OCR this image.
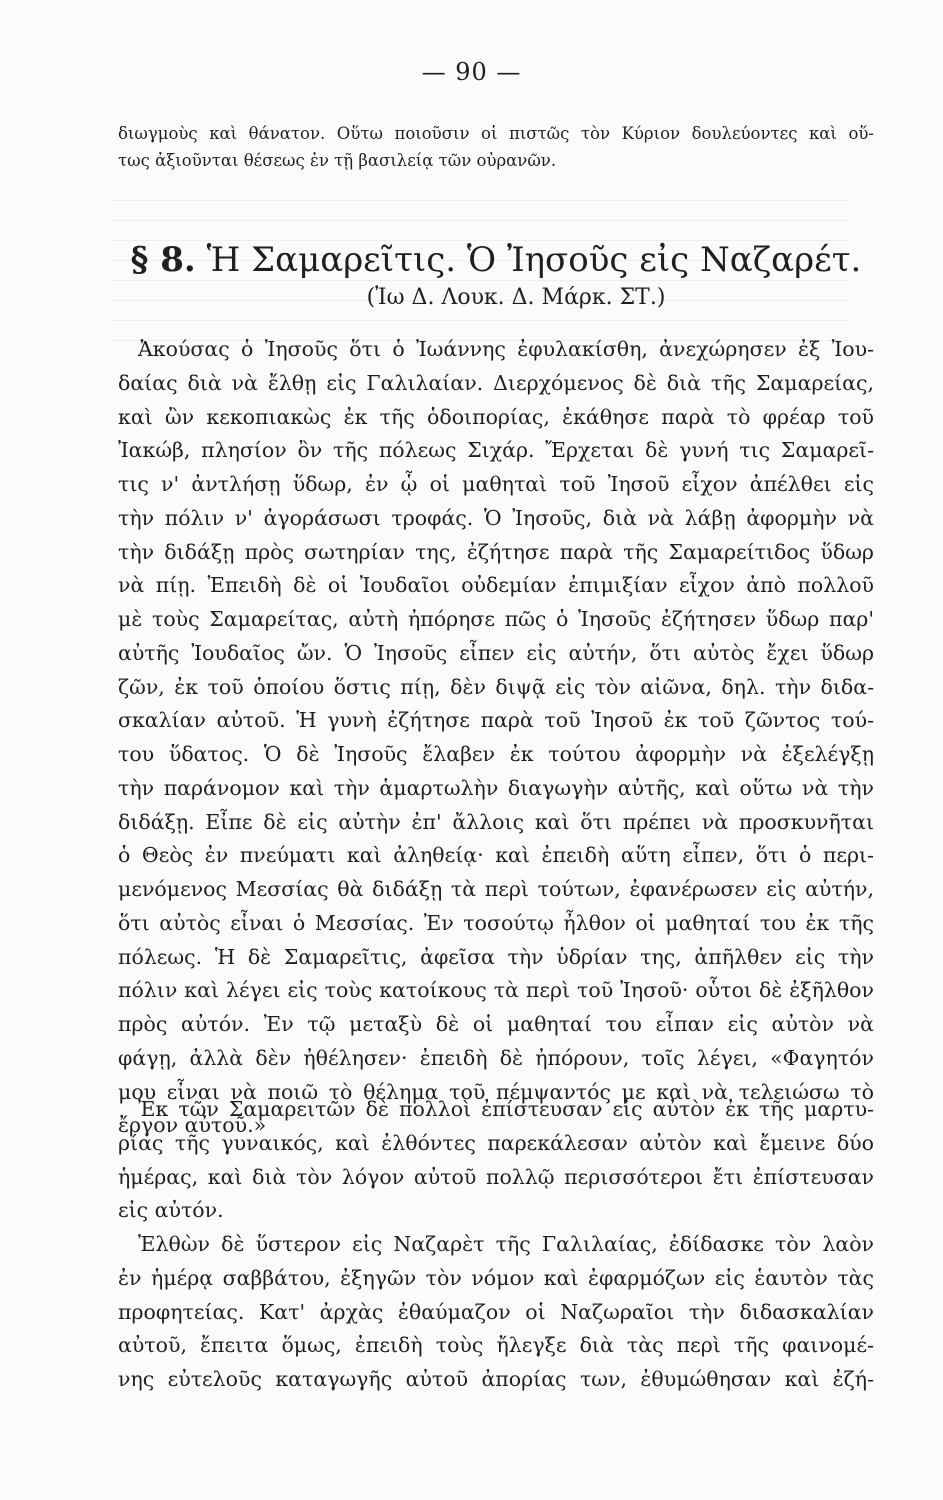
— 90 —
διωγμοὺς καὶ θάνατον. Οὕτω ποιοῦσιν οἱ πιστῶς τὸν Κύριον δουλεύοντες καὶ οὕ-
τως ἀξιοῦνται θέσεως ἐν τῇ βασιλείᾳ τῶν οὐρανῶν.
§ 8. Ἡ Σαμαρεῖτις. Ὁ Ἰησοῦς εἰς Ναζαρέτ.
(Ἰω Δ. Λουκ. Δ. Μάρκ. ΣΤ.)
Ἀκούσας ὁ Ἰησοῦς ὅτι ὁ Ἰωάννης ἐφυλακίσθη, ἀνεχώρησεν ἐξ Ἰου-
δαίας διὰ νὰ ἔλθῃ εἰς Γαλιλαίαν. Διερχόμενος δὲ διὰ τῆς Σαμαρείας,
καὶ ὢν κεκοπιακὼς ἐκ τῆς ὁδοιπορίας, ἐκάθησε παρὰ τὸ φρέαρ τοῦ
Ἰακώβ, πλησίον ὂν τῆς πόλεως Σιχάρ. Ἔρχεται δὲ γυνή τις Σαμαρεῖ-
τις ν' ἀντλήσῃ ὕδωρ, ἐν ᾧ οἱ μαθηταὶ τοῦ Ἰησοῦ εἶχον ἀπέλθει εἰς
τὴν πόλιν ν' ἀγοράσωσι τροφάς. Ὁ Ἰησοῦς, διὰ νὰ λάβῃ ἀφορμὴν νὰ
τὴν διδάξῃ πρὸς σωτηρίαν της, ἐζήτησε παρὰ τῆς Σαμαρείτιδος ὕδωρ
νὰ πίῃ. Ἐπειδὴ δὲ οἱ Ἰουδαῖοι οὐδεμίαν ἐπιμιξίαν εἶχον ἀπὸ πολλοῦ
μὲ τοὺς Σαμαρείτας, αὐτὴ ἠπόρησε πῶς ὁ Ἰησοῦς ἐζήτησεν ὕδωρ παρ'
αὐτῆς Ἰουδαῖος ὤν. Ὁ Ἰησοῦς εἶπεν εἰς αὐτήν, ὅτι αὐτὸς ἔχει ὕδωρ
ζῶν, ἐκ τοῦ ὁποίου ὅστις πίῃ, δὲν διψᾷ εἰς τὸν αἰῶνα, δηλ. τὴν διδα-
σκαλίαν αὐτοῦ. Ἡ γυνὴ ἐζήτησε παρὰ τοῦ Ἰησοῦ ἐκ τοῦ ζῶντος τού-
του ὕδατος. Ὁ δὲ Ἰησοῦς ἔλαβεν ἐκ τούτου ἀφορμὴν νὰ ἐξελέγξῃ
τὴν παράνομον καὶ τὴν ἁμαρτωλὴν διαγωγὴν αὐτῆς, καὶ οὕτω νὰ τὴν
διδάξῃ. Εἶπε δὲ εἰς αὐτὴν ἐπ' ἄλλοις καὶ ὅτι πρέπει νὰ προσκυνῆται
ὁ Θεὸς ἐν πνεύματι καὶ ἀληθείᾳ· καὶ ἐπειδὴ αὕτη εἶπεν, ὅτι ὁ περι-
μενόμενος Μεσσίας θὰ διδάξῃ τὰ περὶ τούτων, ἐφανέρωσεν εἰς αὐτήν,
ὅτι αὐτὸς εἶναι ὁ Μεσσίας. Ἐν τοσούτῳ ἦλθον οἱ μαθηταί του ἐκ τῆς
πόλεως. Ἡ δὲ Σαμαρεῖτις, ἀφεῖσα τὴν ὑδρίαν της, ἀπῆλθεν εἰς τὴν
πόλιν καὶ λέγει εἰς τοὺς κατοίκους τὰ περὶ τοῦ Ἰησοῦ· οὗτοι δὲ ἐξῆλθον
πρὸς αὐτόν. Ἐν τῷ μεταξὺ δὲ οἱ μαθηταί του εἶπαν εἰς αὐτὸν νὰ
φάγῃ, ἀλλὰ δὲν ἠθέλησεν· ἐπειδὴ δὲ ἠπόρουν, τοῖς λέγει, «Φαγητόν
μου εἶναι νὰ ποιῶ τὸ θέλημα τοῦ πέμψαντός με καὶ νὰ τελειώσω τὸ
ἔργον αὐτοῦ.»
Ἐκ τῶν Σαμαρειτῶν δὲ πολλοὶ ἐπίστευσαν εἰς αὐτὸν ἐκ τῆς μαρτυ-
ρίας τῆς γυναικός, καὶ ἐλθόντες παρεκάλεσαν αὐτὸν καὶ ἔμεινε δύο
ἡμέρας, καὶ διὰ τὸν λόγον αὐτοῦ πολλῷ περισσότεροι ἔτι ἐπίστευσαν
εἰς αὐτόν.
Ἐλθὼν δὲ ὕστερον εἰς Ναζαρὲτ τῆς Γαλιλαίας, ἐδίδασκε τὸν λαὸν
ἐν ἡμέρᾳ σαββάτου, ἐξηγῶν τὸν νόμον καὶ ἐφαρμόζων εἰς ἑαυτὸν τὰς
προφητείας. Κατ' ἀρχὰς ἐθαύμαζον οἱ Ναζωραῖοι τὴν διδασκαλίαν
αὐτοῦ, ἔπειτα ὅμως, ἐπειδὴ τοὺς ἤλεγξε διὰ τὰς περὶ τῆς φαινομέ-
νης εὐτελοῦς καταγωγῆς αὐτοῦ ἀπορίας των, ἐθυμώθησαν καὶ ἐζή-
